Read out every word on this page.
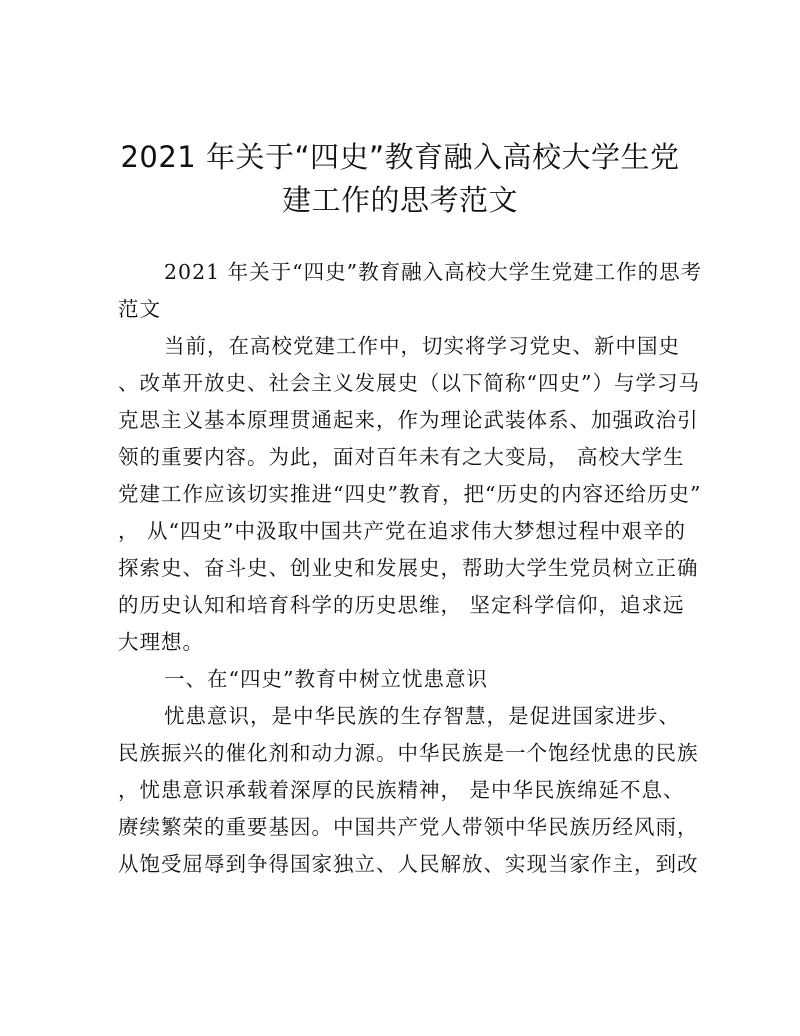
2021 年关于“四史”教育融入高校大学生党
建工作的思考范文
2021 年关于“四史”教育融入高校大学生党建工作的思考
范文
当前，在高校党建工作中，切实将学习党史、新中国史
、改革开放史、社会主义发展史（以下简称“四史”）与学习马
克思主义基本原理贯通起来，作为理论武装体系、加强政治引
领的重要内容。为此，面对百年未有之大变局， 高校大学生
党建工作应该切实推进“四史”教育，把“历史的内容还给历史”
， 从“四史”中汲取中国共产党在追求伟大梦想过程中艰辛的
探索史、奋斗史、创业史和发展史，帮助大学生党员树立正确
的历史认知和培育科学的历史思维， 坚定科学信仰，追求远
大理想。
一、在“四史”教育中树立忧患意识
忧患意识，是中华民族的生存智慧，是促进国家进步、
民族振兴的催化剂和动力源。中华民族是一个饱经忧患的民族
，忧患意识承载着深厚的民族精神， 是中华民族绵延不息、
赓续繁荣的重要基因。中国共产党人带领中华民族历经风雨，
从饱受屈辱到争得国家独立、人民解放、实现当家作主，到改
